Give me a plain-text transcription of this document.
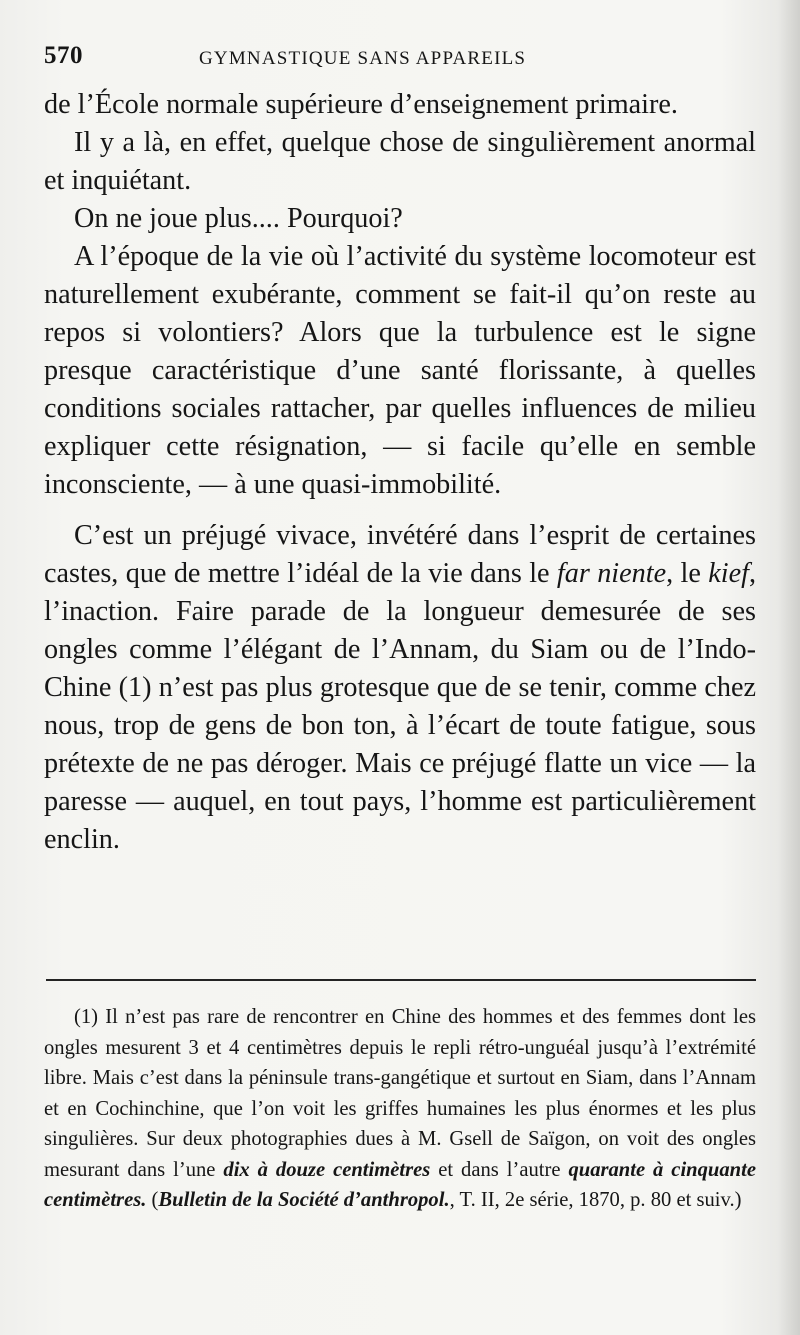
570	GYMNASTIQUE SANS APPAREILS

de l’École normale supérieure d’enseignement primaire.

Il y a là, en effet, quelque chose de singulièrement anormal et inquiétant.

On ne joue plus.... Pourquoi?

A l’époque de la vie où l’activité du système locomoteur est naturellement exubérante, comment se fait-il qu’on reste au repos si volontiers? Alors que la turbulence est le signe presque caractéristique d’une santé florissante, à quelles conditions sociales rattacher, par quelles influences de milieu expliquer cette résignation, — si facile qu’elle en semble inconsciente, — à une quasi-immobilité.

C’est un préjugé vivace, invétéré dans l’esprit de certaines castes, que de mettre l’idéal de la vie dans le far niente, le kief, l’inaction. Faire parade de la longueur demesurée de ses ongles comme l’élégant de l’Annam, du Siam ou de l’Indo-Chine (1) n’est pas plus grotesque que de se tenir, comme chez nous, trop de gens de bon ton, à l’écart de toute fatigue, sous prétexte de ne pas déroger. Mais ce préjugé flatte un vice — la paresse — auquel, en tout pays, l’homme est particulièrement enclin.

(1) Il n’est pas rare de rencontrer en Chine des hommes et des femmes dont les ongles mesurent 3 et 4 centimètres depuis le repli rétro-unguéal jusqu’à l’extrémité libre. Mais c’est dans la péninsule trans-gangétique et surtout en Siam, dans l’Annam et en Cochinchine, que l’on voit les griffes humaines les plus énormes et les plus singulières. Sur deux photographies dues à M. Gsell de Saïgon, on voit des ongles mesurant dans l’une dix à douze centimètres et dans l’autre quarante à cinquante centimètres. (Bulletin de la Société d’anthropol., T. II, 2e série, 1870, p. 80 et suiv.)
